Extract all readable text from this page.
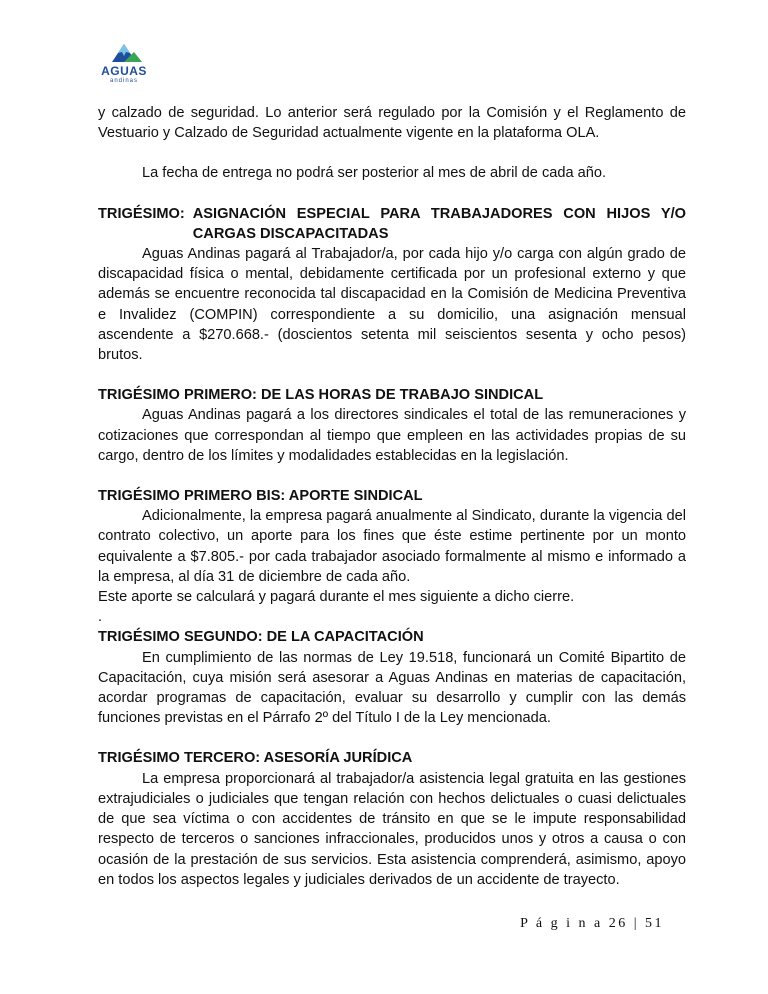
AGUAS
andinas

y calzado de seguridad. Lo anterior será regulado por la Comisión y el Reglamento de Vestuario y Calzado de Seguridad actualmente vigente en la plataforma OLA.

La fecha de entrega no podrá ser posterior al mes de abril de cada año.

TRIGÉSIMO: ASIGNACIÓN ESPECIAL PARA TRABAJADORES CON HIJOS Y/O CARGAS DISCAPACITADAS

Aguas Andinas pagará al Trabajador/a, por cada hijo y/o carga con algún grado de discapacidad física o mental, debidamente certificada por un profesional externo y que además se encuentre reconocida tal discapacidad en la Comisión de Medicina Preventiva e Invalidez (COMPIN) correspondiente a su domicilio, una asignación mensual ascendente a $270.668.- (doscientos setenta mil seiscientos sesenta y ocho pesos) brutos.

TRIGÉSIMO PRIMERO: DE LAS HORAS DE TRABAJO SINDICAL

Aguas Andinas pagará a los directores sindicales el total de las remuneraciones y cotizaciones que correspondan al tiempo que empleen en las actividades propias de su cargo, dentro de los límites y modalidades establecidas en la legislación.

TRIGÉSIMO PRIMERO BIS: APORTE SINDICAL

Adicionalmente, la empresa pagará anualmente al Sindicato, durante la vigencia del contrato colectivo, un aporte para los fines que éste estime pertinente por un monto equivalente a $7.805.- por cada trabajador asociado formalmente al mismo e informado a la empresa, al día 31 de diciembre de cada año.

Este aporte se calculará y pagará durante el mes siguiente a dicho cierre.

.

TRIGÉSIMO SEGUNDO: DE LA CAPACITACIÓN

En cumplimiento de las normas de Ley 19.518, funcionará un Comité Bipartito de Capacitación, cuya misión será asesorar a Aguas Andinas en materias de capacitación, acordar programas de capacitación, evaluar su desarrollo y cumplir con las demás funciones previstas en el Párrafo 2º del Título I de la Ley mencionada.

TRIGÉSIMO TERCERO: ASESORÍA JURÍDICA

La empresa proporcionará al trabajador/a asistencia legal gratuita en las gestiones extrajudiciales o judiciales que tengan relación con hechos delictuales o cuasi delictuales de que sea víctima o con accidentes de tránsito en que se le impute responsabilidad respecto de terceros o sanciones infraccionales, producidos unos y otros a causa o con ocasión de la prestación de sus servicios. Esta asistencia comprenderá, asimismo, apoyo en todos los aspectos legales y judiciales derivados de un accidente de trayecto.

P á g i n a 26 | 51
